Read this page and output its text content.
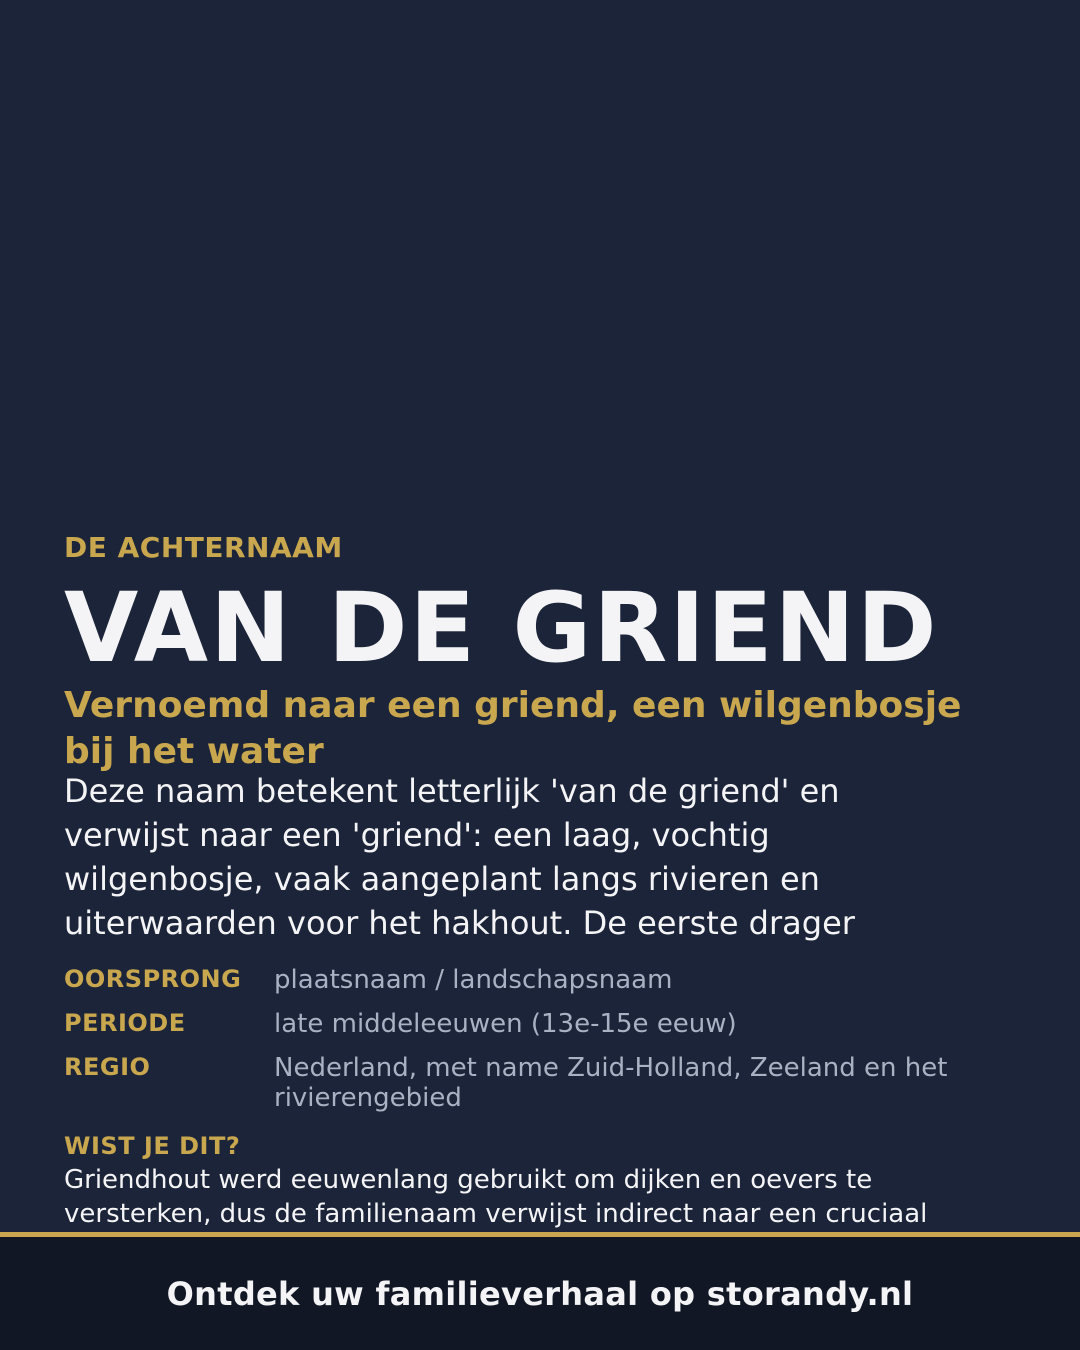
DE ACHTERNAAM
VAN DE GRIEND
Vernoemd naar een griend, een wilgenbosje bij het water

Deze naam betekent letterlijk 'van de griend' en verwijst naar een 'griend': een laag, vochtig wilgenbosje, vaak aangeplant langs rivieren en uiterwaarden voor het hakhout. De eerste drager

OORSPRONG	plaatsnaam / landschapsnaam
PERIODE	late middeleeuwen (13e-15e eeuw)
REGIO	Nederland, met name Zuid-Holland, Zeeland en het rivierengebied
WIST JE DIT?

Griendhout werd eeuwenlang gebruikt om dijken en oevers te versterken, dus de familienaam verwijst indirect naar een cruciaal

Ontdek uw familieverhaal op storandy.nl
